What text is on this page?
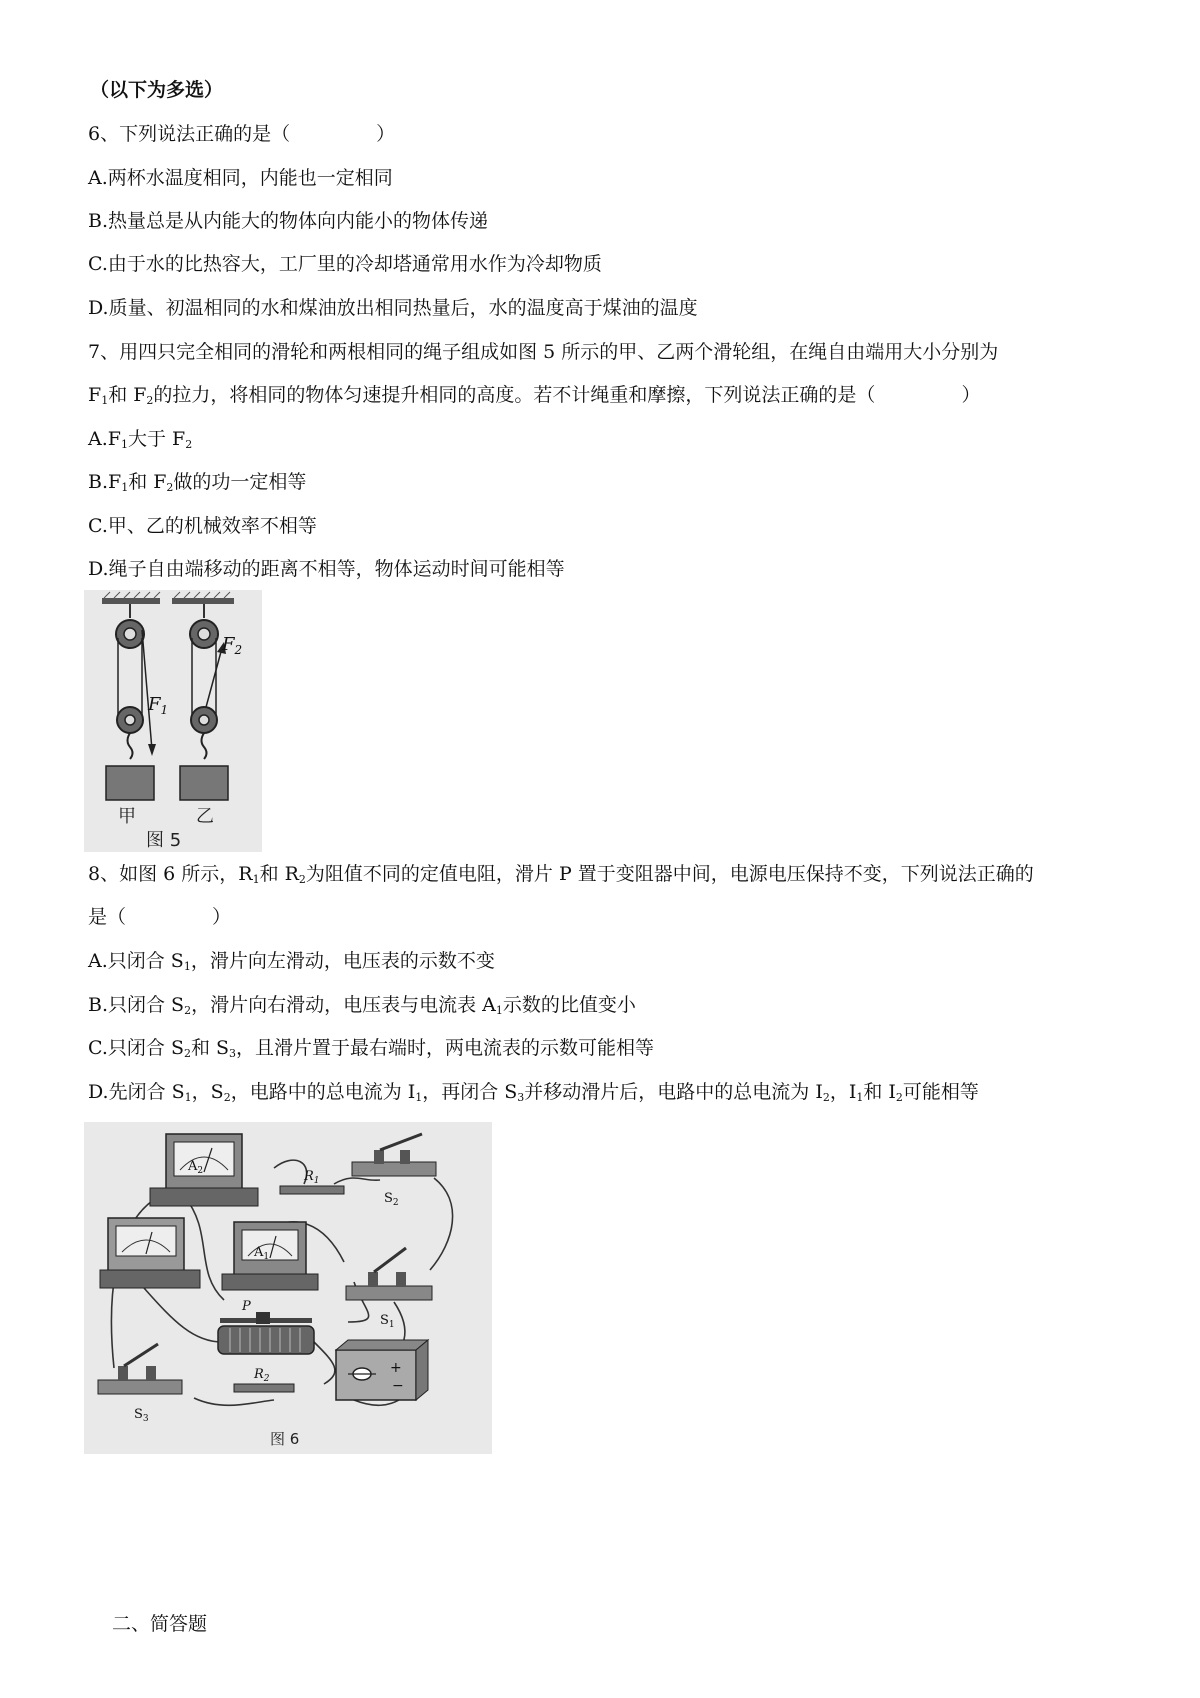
（以下为多选）
6、下列说法正确的是（	）
A.两杯水温度相同，内能也一定相同
B.热量总是从内能大的物体向内能小的物体传递
C.由于水的比热容大，工厂里的冷却塔通常用水作为冷却物质
D.质量、初温相同的水和煤油放出相同热量后，水的温度高于煤油的温度
7、用四只完全相同的滑轮和两根相同的绳子组成如图 5 所示的甲、乙两个滑轮组，在绳自由端用大小分别为
$F_1$和 $F_2$的拉力，将相同的物体匀速提升相同的高度。若不计绳重和摩擦，下列说法正确的是（	）
$A.F_1$大于 $F_2$
$B.F_1$和 $F_2$做的功一定相等
C.甲、乙的机械效率不相等
D.绳子自由端移动的距离不相等，物体运动时间可能相等
$F_1$
甲
$F_2$
乙
图 5
8、如图 6 所示，$R_1$和 $R_2$为阻值不同的定值电阻，滑片 P 置于变阻器中间，电源电压保持不变，下列说法正确的
是（	）
A.只闭合 $S_1$，滑片向左滑动，电压表的示数不变
B.只闭合 $S_2$，滑片向右滑动，电压表与电流表 $A_1$示数的比值变小
C.只闭合 $S_2$和 $S_3$，且滑片置于最右端时，两电流表的示数可能相等
D.先闭合 $S_1$，$S_2$，电路中的总电流为 $I_1$，再闭合 $S_3$并移动滑片后，电路中的总电流为 $I_2$，$I_1$和 $I_2$可能相等
$A_2$	$R_1$
$S_2$
$A_1$
$S_1$
P
+
−
$S_3$
$R_2$
图 6
二、简答题
